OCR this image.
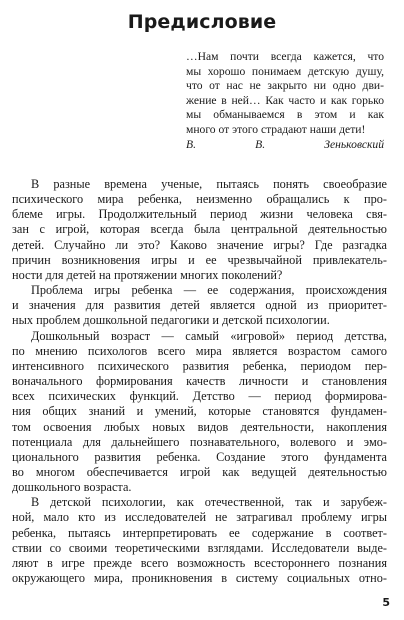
Предисловие
…Нам почти всегда кажется, что
мы хорошо понимаем детскую душу,
что от нас не закрыто ни одно дви-
жение в ней… Как часто и как горько
мы обманываемся в этом и как
много от этого страдают наши дети!
В. В. Зеньковский
В разные времена ученые, пытаясь понять своеобразие
психического мира ребенка, неизменно обращались к про-
блеме игры. Продолжительный период жизни человека свя-
зан с игрой, которая всегда была центральной деятельностью
детей. Случайно ли это? Каково значение игры? Где разгадка
причин возникновения игры и ее чрезвычайной привлекатель-
ности для детей на протяжении многих поколений?
Проблема игры ребенка — ее содержания, происхождения
и значения для развития детей является одной из приоритет-
ных проблем дошкольной педагогики и детской психологии.
Дошкольный возраст — самый «игровой» период детства,
по мнению психологов всего мира является возрастом самого
интенсивного психического развития ребенка, периодом пер-
воначального формирования качеств личности и становления
всех психических функций. Детство — период формирова-
ния общих знаний и умений, которые становятся фундамен-
том освоения любых новых видов деятельности, накопления
потенциала для дальнейшего познавательного, волевого и эмо-
ционального развития ребенка. Создание этого фундамента
во многом обеспечивается игрой как ведущей деятельностью
дошкольного возраста.
В детской психологии, как отечественной, так и зарубеж-
ной, мало кто из исследователей не затрагивал проблему игры
ребенка, пытаясь интерпретировать ее содержание в соответ-
ствии со своими теоретическими взглядами. Исследователи выде-
ляют в игре прежде всего возможность всестороннего познания
окружающего мира, проникновения в систему социальных отно-
5
